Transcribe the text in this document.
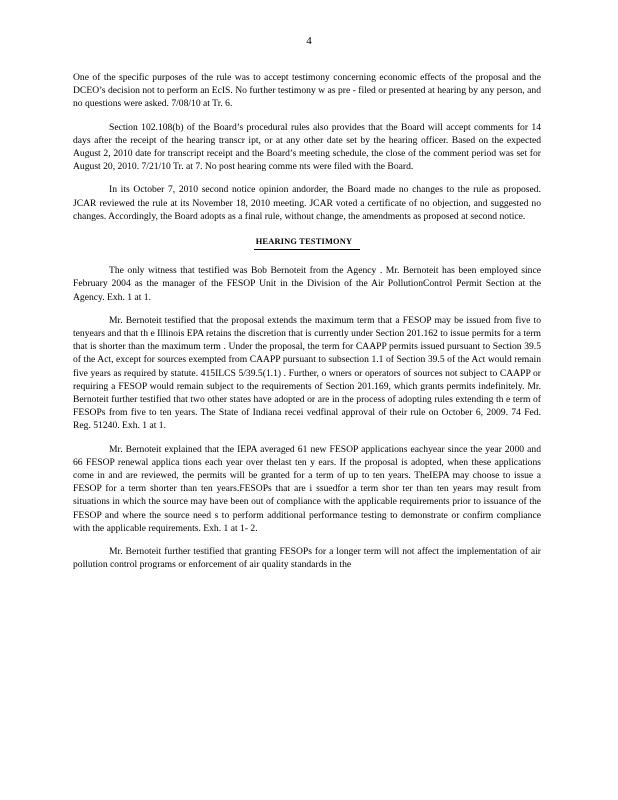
4

One of the specific purposes of the rule was to accept testimony concerning economic effects of the proposal and the DCEO’s decision not to perform an EcIS. No further testimony w as pre - filed or presented at hearing by any person, and no questions were asked. 7/08/10 at Tr. 6.

Section 102.108(b) of the Board’s procedural rules also provides that the Board will accept comments for 14 days after the receipt of the hearing transcr ipt, or at any other date set by the hearing officer. Based on the expected August 2, 2010 date for transcript receipt and the Board’s meeting schedule, the close of the comment period was set for August 20, 2010. 7/21/10 Tr. at 7. No post hearing comme nts were filed with the Board.

In its October 7, 2010 second notice opinion andorder, the Board made no changes to the rule as proposed. JCAR reviewed the rule at its November 18, 2010 meeting. JCAR voted a certificate of no objection, and suggested no changes. Accordingly, the Board adopts as a final rule, without change, the amendments as proposed at second notice.

HEARING TESTIMONY

The only witness that testified was Bob Bernoteit from the Agency . Mr. Bernoteit has been employed since February 2004 as the manager of the FESOP Unit in the Division of the Air PollutionControl Permit Section at the Agency. Exh. 1 at 1.

Mr. Bernoteit testified that the proposal extends the maximum term that a FESOP may be issued from five to tenyears and that th e Illinois EPA retains the discretion that is currently under Section 201.162 to issue permits for a term that is shorter than the maximum term . Under the proposal, the term for CAAPP permits issued pursuant to Section 39.5 of the Act, except for sources exempted from CAAPP pursuant to subsection 1.1 of Section 39.5 of the Act would remain five years as required by statute. 415ILCS 5/39.5(1.1) . Further, o wners or operators of sources not subject to CAAPP or requiring a FESOP would remain subject to the requirements of Section 201.169, which grants permits indefinitely. Mr. Bernoteit further testified that two other states have adopted or are in the process of adopting rules extending th e term of FESOPs from five to ten years. The State of Indiana recei vedfinal approval of their rule on October 6, 2009. 74 Fed. Reg. 51240. Exh. 1 at 1.

Mr. Bernoteit explained that the IEPA averaged 61 new FESOP applications eachyear since the year 2000 and 66 FESOP renewal applica tions each year over thelast ten y ears. If the proposal is adopted, when these applications come in and are reviewed, the permits will be granted for a term of up to ten years. TheIEPA may choose to issue a FESOP for a term shorter than ten years.FESOPs that are i ssuedfor a term shor ter than ten years may result from situations in which the source may have been out of compliance with the applicable requirements prior to issuance of the FESOP and where the source need s to perform additional performance testing to demonstrate or confirm compliance with the applicable requirements. Exh. 1 at 1- 2.

Mr. Bernoteit further testified that granting FESOPs for a longer term will not affect the implementation of air pollution control programs or enforcement of air quality standards in the
